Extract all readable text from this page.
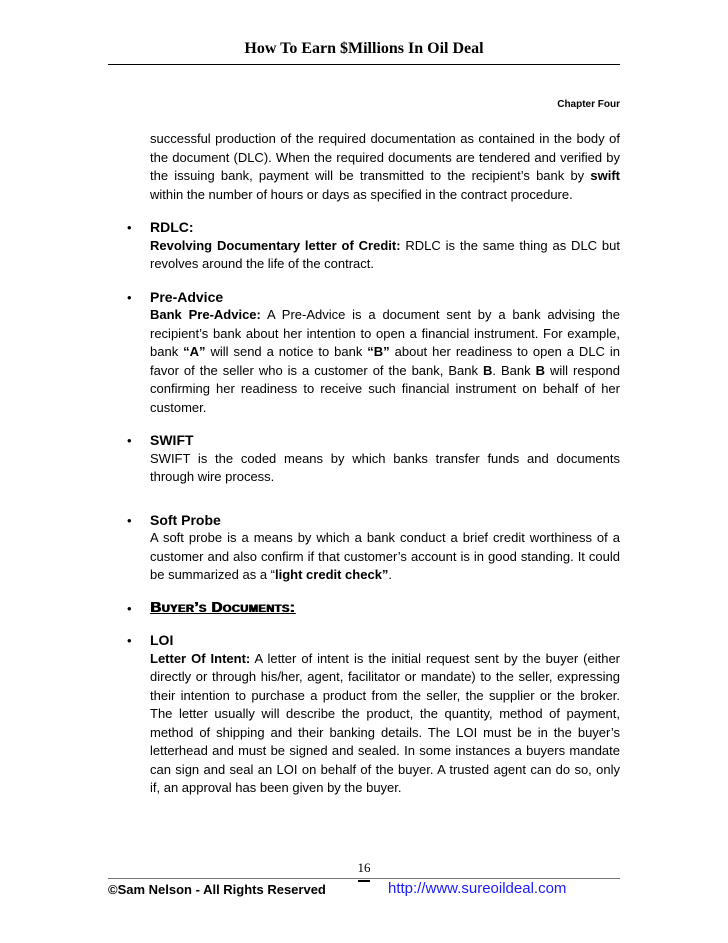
How To Earn $Millions In Oil Deal
Chapter Four

successful production of the required documentation as contained in the body of the document (DLC). When the required documents are tendered and verified by the issuing bank, payment will be transmitted to the recipient’s bank by swift within the number of hours or days as specified in the contract procedure.

• RDLC:

Revolving Documentary letter of Credit: RDLC is the same thing as DLC but revolves around the life of the contract.

• Pre-Advice

Bank Pre-Advice: A Pre-Advice is a document sent by a bank advising the recipient’s bank about her intention to open a financial instrument. For example, bank “A” will send a notice to bank “B” about her readiness to open a DLC in favor of the seller who is a customer of the bank, Bank B. Bank B will respond confirming her readiness to receive such financial instrument on behalf of her customer.

• SWIFT

SWIFT is the coded means by which banks transfer funds and documents through wire process.

• Soft Probe

A soft probe is a means by which a bank conduct a brief credit worthiness of a customer and also confirm if that customer’s account is in good standing. It could be summarized as a “light credit check”.

• Buyer’s Documents:
• LOI

Letter Of Intent: A letter of intent is the initial request sent by the buyer (either directly or through his/her, agent, facilitator or mandate) to the seller, expressing their intention to purchase a product from the seller, the supplier or the broker. The letter usually will describe the product, the quantity, method of payment, method of shipping and their banking details. The LOI must be in the buyer’s letterhead and must be signed and sealed. In some instances a buyers mandate can sign and seal an LOI on behalf of the buyer. A trusted agent can do so, only if, an approval has been given by the buyer.

16
©Sam Nelson - All Rights Reserved	http://www.sureoildeal.com
